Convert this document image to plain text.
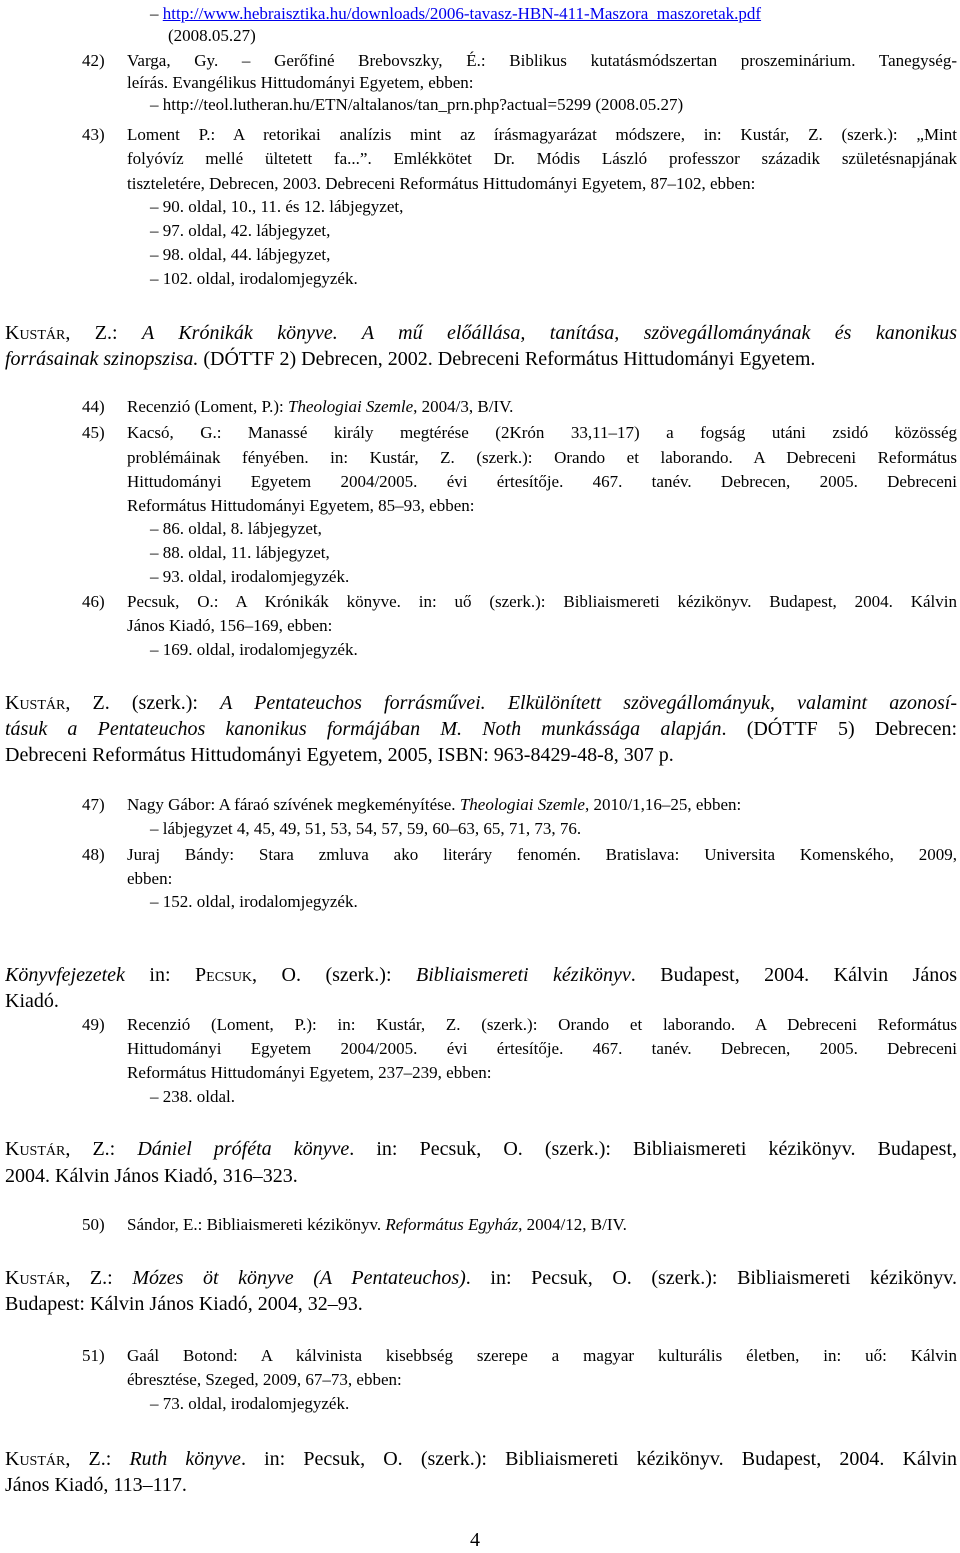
– http://www.hebraisztika.hu/downloads/2006-tavasz-HBN-411-Maszora_maszoretak.pdf
(2008.05.27)
42) Varga, Gy. – Gerőfiné Brebovszky, É.: Biblikus kutatásmódszertan proszeminárium. Tanegység-
leírás. Evangélikus Hittudományi Egyetem, ebben:
– http://teol.lutheran.hu/ETN/altalanos/tan_prn.php?actual=5299 (2008.05.27)
43) Loment P.: A retorikai analízis mint az írásmagyarázat módszere, in: Kustár, Z. (szerk.): „Mint
folyóvíz mellé ültetett fa...”. Emlékkötet Dr. Módis László professzor századik születésnapjának
tiszteletére, Debrecen, 2003. Debreceni Református Hittudományi Egyetem, 87–102, ebben:
– 90. oldal, 10., 11. és 12. lábjegyzet,
– 97. oldal, 42. lábjegyzet,
– 98. oldal, 44. lábjegyzet,
– 102. oldal, irodalomjegyzék.
Kustár, Z.: A Krónikák könyve. A mű előállása, tanítása, szövegállományának és kanonikus
forrásainak szinopszisa. (DÓTTF 2) Debrecen, 2002. Debreceni Református Hittudományi Egyetem.
44) Recenzió (Loment, P.): Theologiai Szemle, 2004/3, B/IV.
45) Kacsó, G.: Manassé király megtérése (2Krón 33,11–17) a fogság utáni zsidó közösség
problémáinak fényében. in: Kustár, Z. (szerk.): Orando et laborando. A Debreceni Református
Hittudományi Egyetem 2004/2005. évi értesítője. 467. tanév. Debrecen, 2005. Debreceni
Református Hittudományi Egyetem, 85–93, ebben:
– 86. oldal, 8. lábjegyzet,
– 88. oldal, 11. lábjegyzet,
– 93. oldal, irodalomjegyzék.
46) Pecsuk, O.: A Krónikák könyve. in: uő (szerk.): Bibliaismereti kézikönyv. Budapest, 2004. Kálvin
János Kiadó, 156–169, ebben:
– 169. oldal, irodalomjegyzék.
Kustár, Z. (szerk.): A Pentateuchos forrásművei. Elkülönített szövegállományuk, valamint azonosí-
tásuk a Pentateuchos kanonikus formájában M. Noth munkássága alapján. (DÓTTF 5) Debrecen:
Debreceni Református Hittudományi Egyetem, 2005, ISBN: 963-8429-48-8, 307 p.
47) Nagy Gábor: A fáraó szívének megkeményítése. Theologiai Szemle, 2010/1,16–25, ebben:
– lábjegyzet 4, 45, 49, 51, 53, 54, 57, 59, 60–63, 65, 71, 73, 76.
48) Juraj Bándy: Stara zmluva ako literáry fenomén. Bratislava: Universita Komenského, 2009,
ebben:
– 152. oldal, irodalomjegyzék.
Könyvfejezetek in: Pecsuk, O. (szerk.): Bibliaismereti kézikönyv. Budapest, 2004. Kálvin János
Kiadó.
49) Recenzió (Loment, P.): in: Kustár, Z. (szerk.): Orando et laborando. A Debreceni Református
Hittudományi Egyetem 2004/2005. évi értesítője. 467. tanév. Debrecen, 2005. Debreceni
Református Hittudományi Egyetem, 237–239, ebben:
– 238. oldal.
Kustár, Z.: Dániel próféta könyve. in: Pecsuk, O. (szerk.): Bibliaismereti kézikönyv. Budapest,
2004. Kálvin János Kiadó, 316–323.
50) Sándor, E.: Bibliaismereti kézikönyv. Református Egyház, 2004/12, B/IV.
Kustár, Z.: Mózes öt könyve (A Pentateuchos). in: Pecsuk, O. (szerk.): Bibliaismereti kézikönyv.
Budapest: Kálvin János Kiadó, 2004, 32–93.
51) Gaál Botond: A kálvinista kisebbség szerepe a magyar kulturális életben, in: uő: Kálvin
ébresztése, Szeged, 2009, 67–73, ebben:
– 73. oldal, irodalomjegyzék.
Kustár, Z.: Ruth könyve. in: Pecsuk, O. (szerk.): Bibliaismereti kézikönyv. Budapest, 2004. Kálvin
János Kiadó, 113–117.
4
